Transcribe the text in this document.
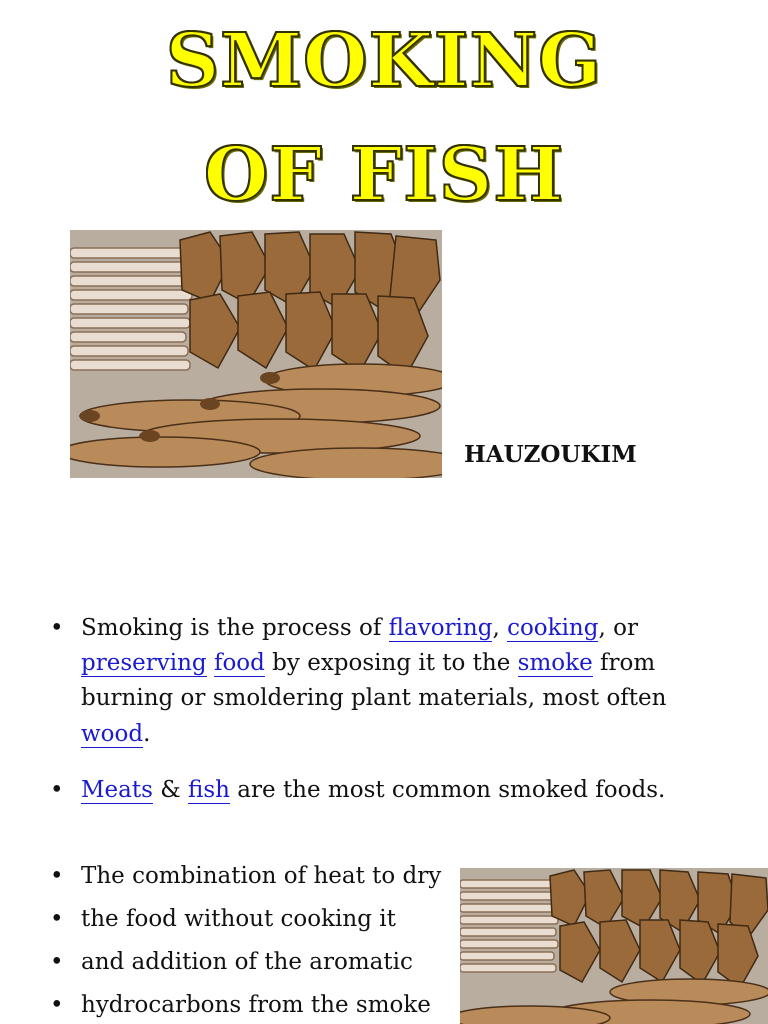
SMOKING
OF FISH
HAUZOUKIM
• Smoking is the process of flavoring, cooking, or
preserving food by exposing it to the smoke from
burning or smoldering plant materials, most often
wood.
• Meats & fish are the most common smoked foods.
• The combination of heat to dry
• the food without cooking it
• and addition of the aromatic
• hydrocarbons from the smoke
